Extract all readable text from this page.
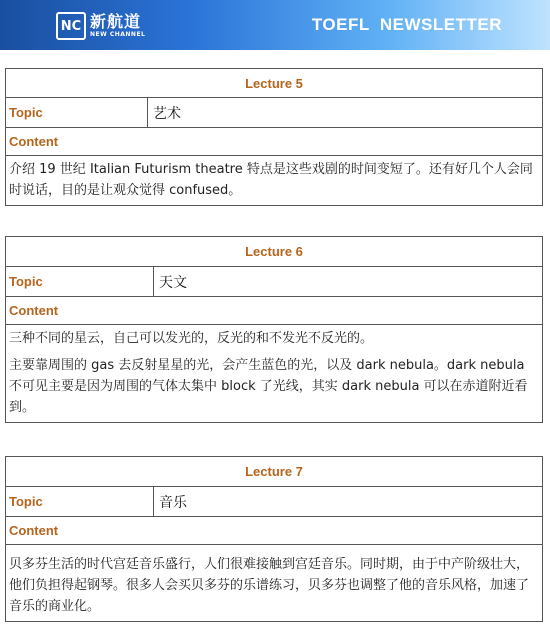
NC 新航道
NEW CHANNEL
TOEFL  NEWSLETTER
Lecture 5
Topic	艺术
Content

介绍 19 世纪 Italian Futurism theatre 特点是这些戏剧的时间变短了。还有好几个人会同时说话，目的是让观众觉得 confused。

Lecture 6
Topic	天文
Content

三种不同的星云，自己可以发光的，反光的和不发光不反光的。

主要靠周围的 gas 去反射星星的光，会产生蓝色的光，以及 dark nebula。dark nebula 不可见主要是因为周围的气体太集中 block 了光线，其实 dark nebula 可以在赤道附近看到。

Lecture 7
Topic	音乐
Content

贝多芬生活的时代宫廷音乐盛行，人们很难接触到宫廷音乐。同时期，由于中产阶级壮大，他们负担得起钢琴。很多人会买贝多芬的乐谱练习，贝多芬也调整了他的音乐风格，加速了音乐的商业化。
